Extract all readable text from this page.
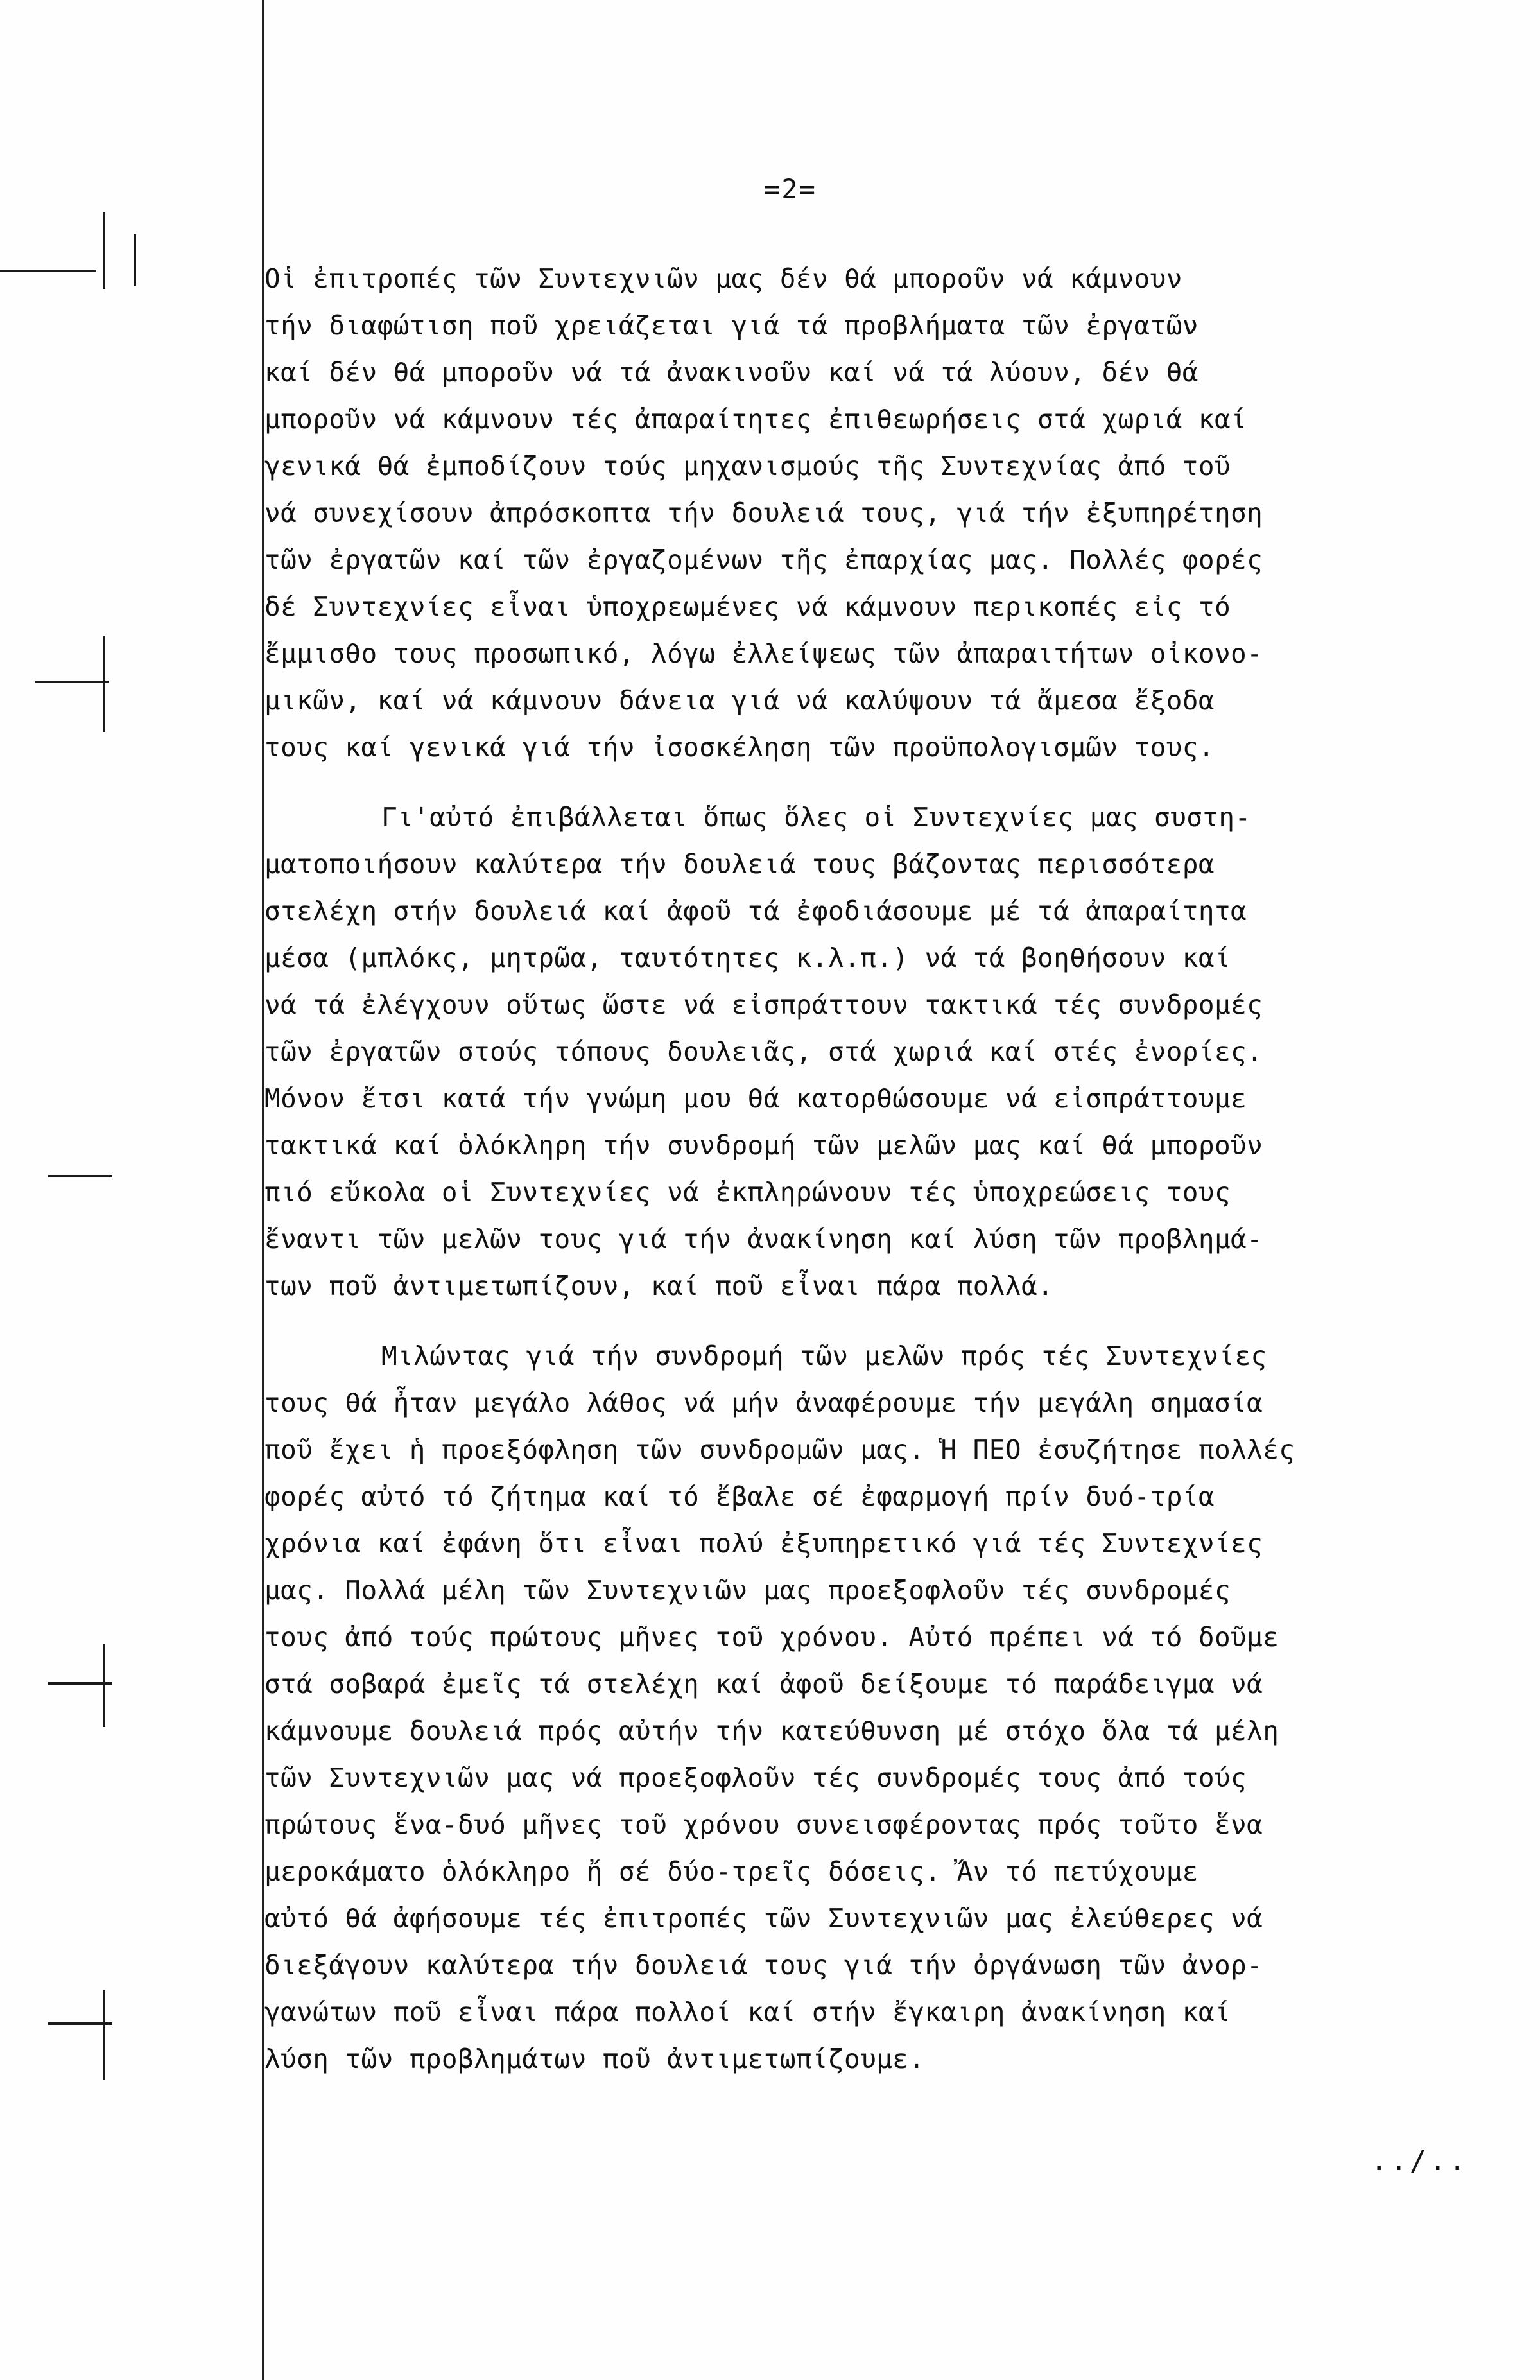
=2=
Οἱ ἐπιτροπές τῶν Συντεχνιῶν μας δέν θά μποροῦν νά κάμνουν
τήν διαφώτιση ποῦ χρειάζεται γιά τά προβλήματα τῶν ἐργατῶν
καί δέν θά μποροῦν νά τά ἀνακινοῦν καί νά τά λύουν, δέν θά
μποροῦν νά κάμνουν τές ἀπαραίτητες ἐπιθεωρήσεις στά χωριά καί
γενικά θά ἐμποδίζουν τούς μηχανισμούς τῆς Συντεχνίας ἀπό τοῦ
νά συνεχίσουν ἀπρόσκοπτα τήν δουλειά τους, γιά τήν ἐξυπηρέτηση
τῶν ἐργατῶν καί τῶν ἐργαζομένων τῆς ἐπαρχίας μας. Πολλές φορές
δέ Συντεχνίες εἶναι ὑποχρεωμένες νά κάμνουν περικοπές εἰς τό
ἔμμισθο τους προσωπικό, λόγω ἐλλείψεως τῶν ἀπαραιτήτων οἰκονο-
μικῶν, καί νά κάμνουν δάνεια γιά νά καλύψουν τά ἄμεσα ἔξοδα
τους καί γενικά γιά τήν ἰσοσκέληση τῶν προϋπολογισμῶν τους.
Γι'αὐτό ἐπιβάλλεται ὅπως ὅλες οἱ Συντεχνίες μας συστη-
ματοποιήσουν καλύτερα τήν δουλειά τους βάζοντας περισσότερα
στελέχη στήν δουλειά καί ἀφοῦ τά ἐφοδιάσουμε μέ τά ἀπαραίτητα
μέσα (μπλόκς, μητρῶα, ταυτότητες κ.λ.π.) νά τά βοηθήσουν καί
νά τά ἐλέγχουν οὕτως ὥστε νά εἰσπράττουν τακτικά τές συνδρομές
τῶν ἐργατῶν στούς τόπους δουλειᾶς, στά χωριά καί στές ἐνορίες.
Μόνον ἔτσι κατά τήν γνώμη μου θά κατορθώσουμε νά εἰσπράττουμε
τακτικά καί ὁλόκληρη τήν συνδρομή τῶν μελῶν μας καί θά μποροῦν
πιό εὔκολα οἱ Συντεχνίες νά ἐκπληρώνουν τές ὑποχρεώσεις τους
ἔναντι τῶν μελῶν τους γιά τήν ἀνακίνηση καί λύση τῶν προβλημά-
των ποῦ ἀντιμετωπίζουν, καί ποῦ εἶναι πάρα πολλά.
Μιλώντας γιά τήν συνδρομή τῶν μελῶν πρός τές Συντεχνίες
τους θά ἦταν μεγάλο λάθος νά μήν ἀναφέρουμε τήν μεγάλη σημασία
ποῦ ἔχει ἡ προεξόφληση τῶν συνδρομῶν μας. Ἡ ΠΕΟ ἐσυζήτησε πολλές
φορές αὐτό τό ζήτημα καί τό ἔβαλε σέ ἐφαρμογή πρίν δυό-τρία
χρόνια καί ἐφάνη ὅτι εἶναι πολύ ἐξυπηρετικό γιά τές Συντεχνίες
μας. Πολλά μέλη τῶν Συντεχνιῶν μας προεξοφλοῦν τές συνδρομές
τους ἀπό τούς πρώτους μῆνες τοῦ χρόνου. Αὐτό πρέπει νά τό δοῦμε
στά σοβαρά ἐμεῖς τά στελέχη καί ἀφοῦ δείξουμε τό παράδειγμα νά
κάμνουμε δουλειά πρός αὐτήν τήν κατεύθυνση μέ στόχο ὅλα τά μέλη
τῶν Συντεχνιῶν μας νά προεξοφλοῦν τές συνδρομές τους ἀπό τούς
πρώτους ἕνα-δυό μῆνες τοῦ χρόνου συνεισφέροντας πρός τοῦτο ἕνα
μεροκάματο ὁλόκληρο ἤ σέ δύο-τρεῖς δόσεις. Ἄν τό πετύχουμε
αὐτό θά ἀφήσουμε τές ἐπιτροπές τῶν Συντεχνιῶν μας ἐλεύθερες νά
διεξάγουν καλύτερα τήν δουλειά τους γιά τήν ὀργάνωση τῶν ἀνορ-
γανώτων ποῦ εἶναι πάρα πολλοί καί στήν ἔγκαιρη ἀνακίνηση καί
λύση τῶν προβλημάτων ποῦ ἀντιμετωπίζουμε.
../..
